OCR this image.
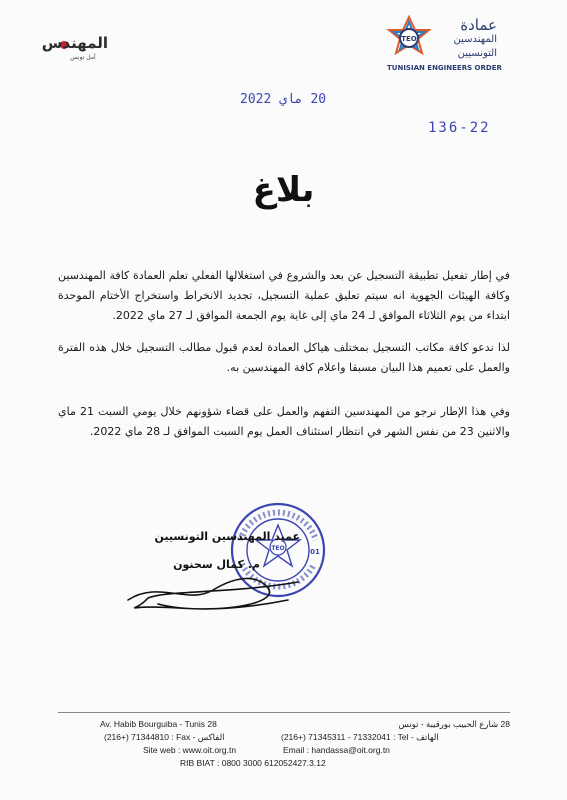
المهندس
أمل تونس
TEO
عمادة
المهندسين
التونسيين
TUNISIAN ENGINEERS ORDER
20 ماي 2022
136-22
بلاغ
في إطار تفعيل تطبيقة التسجيل عن بعد والشروع في استغلالها الفعلي تعلم العمادة كافة المهندسين وكافة الهيئات الجهوية انه سيتم تعليق عملية التسجيل، تجديد الانخراط واستخراج الأختام الموحدة ابتداء من يوم الثلاثاء الموافق لـ 24 ماي إلى غاية يوم الجمعة الموافق لـ 27 ماي 2022.
لذا ندعو كافة مكاتب التسجيل بمختلف هياكل العمادة لعدم قبول مطالب التسجيل خلال هذه الفترة والعمل على تعميم هذا البيان مسبقا واعلام كافة المهندسين به.
وفي هذا الإطار نرجو من المهندسين التفهم والعمل على قضاء شؤونهم خلال يومي السبت 21 ماي والاثنين 23 من نفس الشهر في انتظار استئناف العمل يوم السبت الموافق لـ 28 ماي 2022.
TEO	01
عميد المهندسين التونسيين
م. كمال سحنون
Av. Habib Bourguiba - Tunis 28	28 شارع الحبيب بورقيبة - تونس
(216+) 71344810 : Fax - الفاكس	(216+) 71345311 - 71332041 : Tel - الهاتف
Site web : www.oit.org.tn	Email : handassa@oit.org.tn
RIB BIAT : 0800 3000 612052427.3.12
